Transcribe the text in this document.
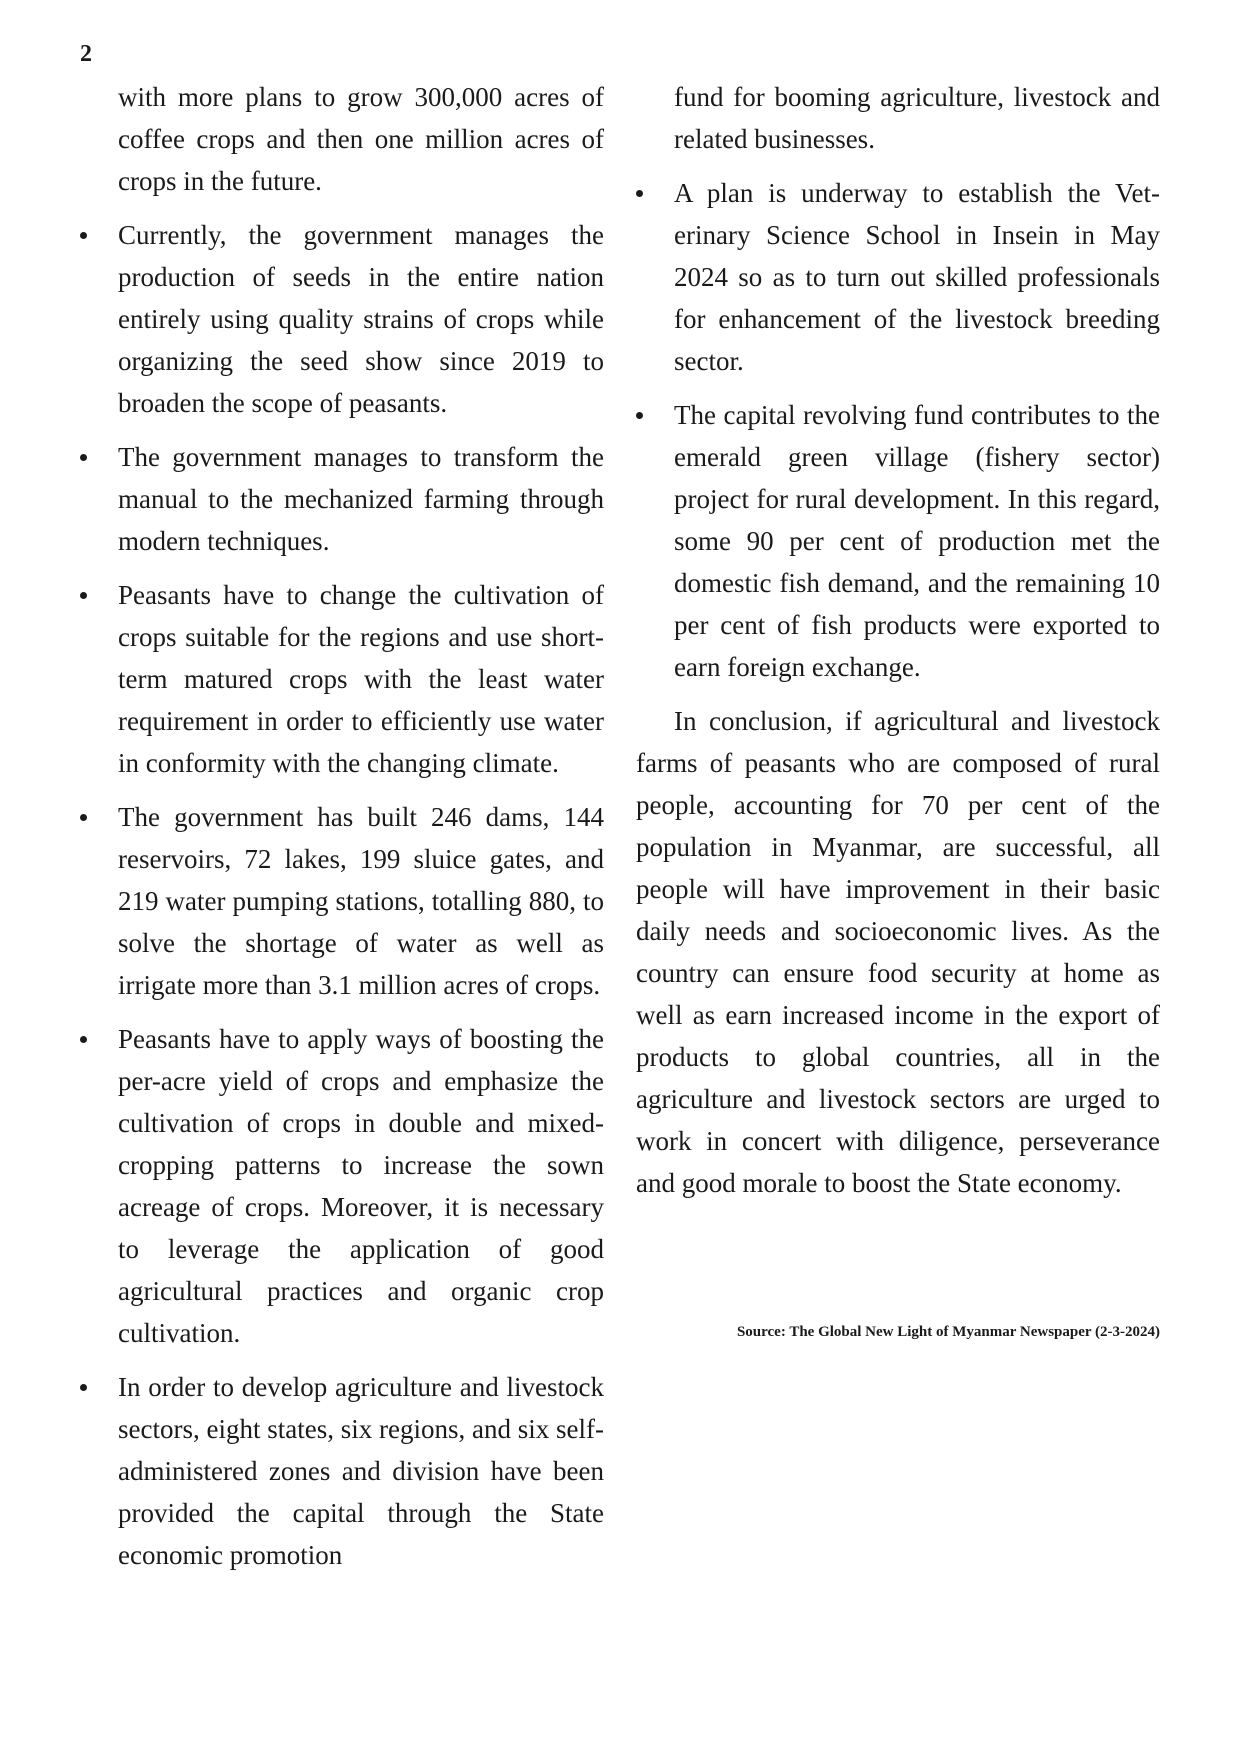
2

with more plans to grow 300,000 acres of coffee crops and then one million acres of crops in the future.

Currently, the government manages the production of seeds in the entire nation entirely using quality strains of crops while organizing the seed show since 2019 to broaden the scope of peasants.
The government manages to transform the manual to the mechanized farming through modern techniques.
Peasants have to change the cultivation of crops suitable for the regions and use short-term matured crops with the least water requirement in order to efficiently use water in conformity with the changing climate.
The government has built 246 dams, 144 reservoirs, 72 lakes, 199 sluice gates, and 219 water pumping stations, totalling 880, to solve the shortage of water as well as irrigate more than 3.1 million acres of crops.
Peasants have to apply ways of boosting the per-acre yield of crops and emphasize the cultivation of crops in double and mixed-cropping patterns to increase the sown acreage of crops. Moreover, it is necessary to leverage the application of good agricultural practices and organic crop cultivation.
In order to develop agriculture and livestock sectors, eight states, six regions, and six self-administered zones and division have been provided the capital through the State economic promotion

fund for booming agriculture, livestock and related businesses.

A plan is underway to establish the Veterinary Science School in Insein in May 2024 so as to turn out skilled professionals for enhancement of the livestock breeding sector.
The capital revolving fund contributes to the emerald green village (fishery sector) project for rural development. In this regard, some 90 per cent of production met the domestic fish demand, and the remaining 10 per cent of fish products were exported to earn foreign exchange.

In conclusion, if agricultural and livestock farms of peasants who are composed of rural people, accounting for 70 per cent of the population in Myanmar, are successful, all people will have improvement in their basic daily needs and socioeconomic lives. As the country can ensure food security at home as well as earn increased income in the export of products to global countries, all in the agriculture and livestock sectors are urged to work in concert with diligence, perseverance and good morale to boost the State economy.

Source: The Global New Light of Myanmar Newspaper (2-3-2024)
